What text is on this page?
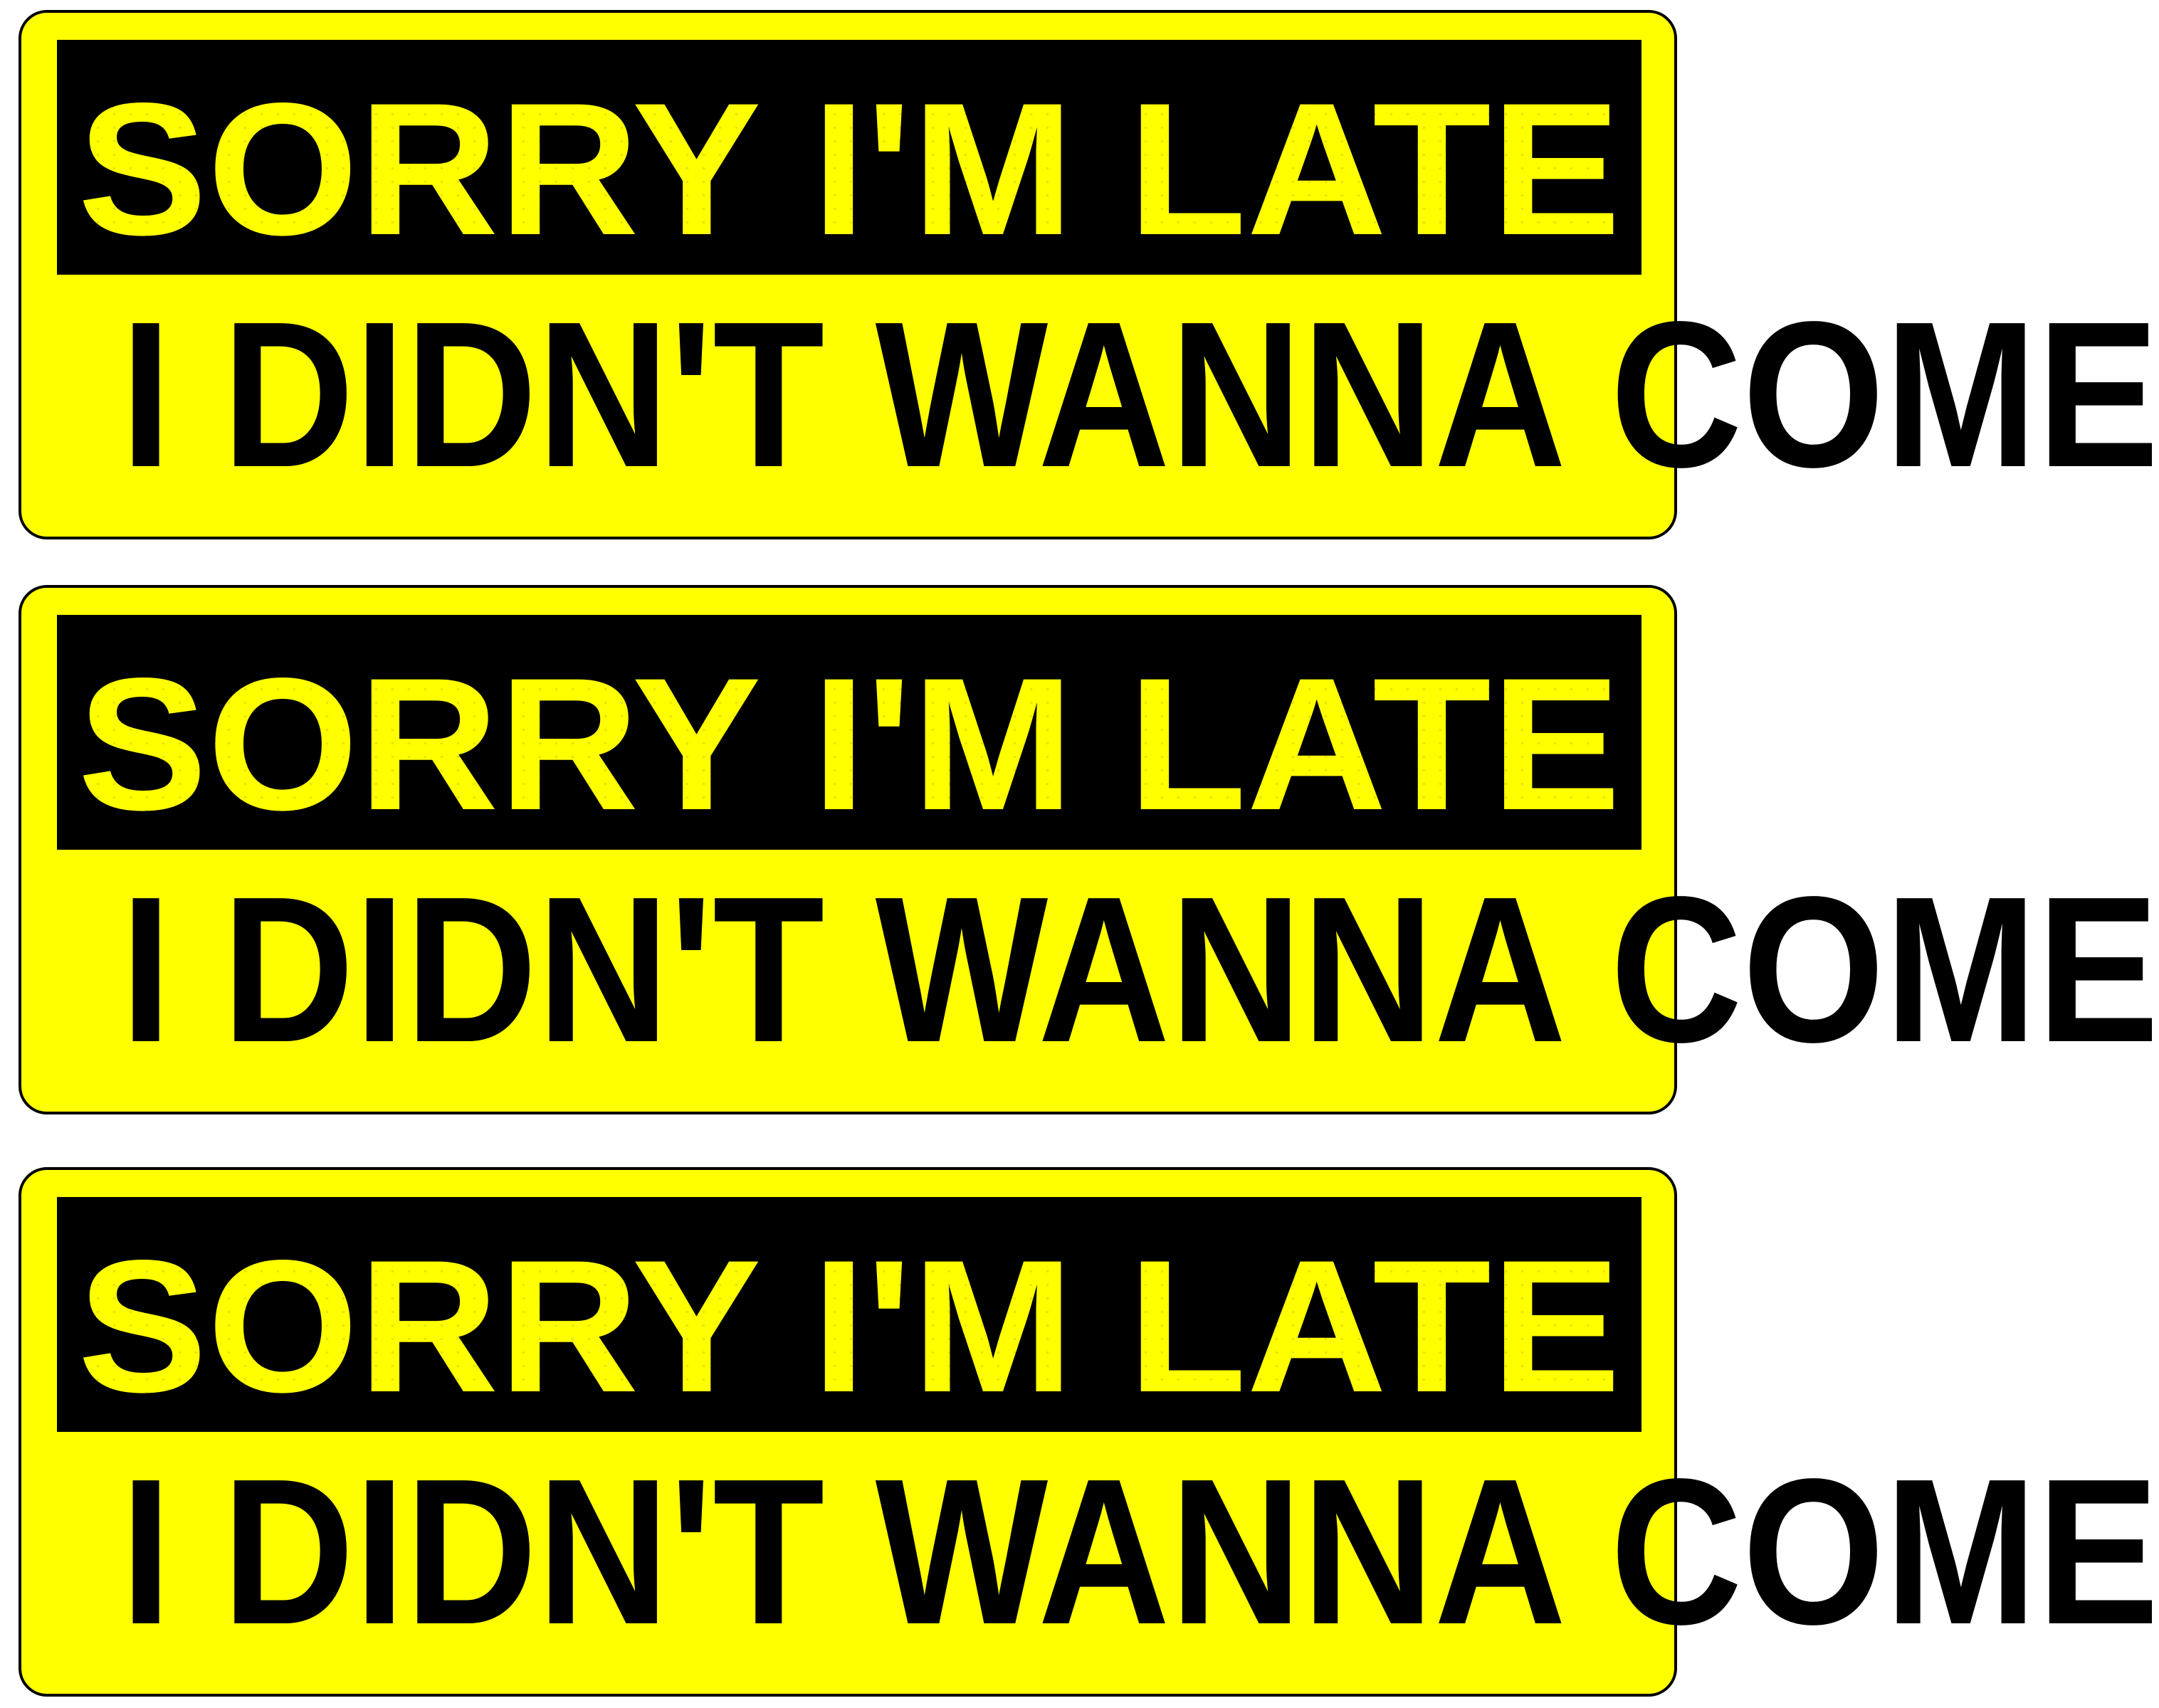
SORRY I'M LATE
I DIDN'T WANNA COME
SORRY I'M LATE
I DIDN'T WANNA COME
SORRY I'M LATE
I DIDN'T WANNA COME
